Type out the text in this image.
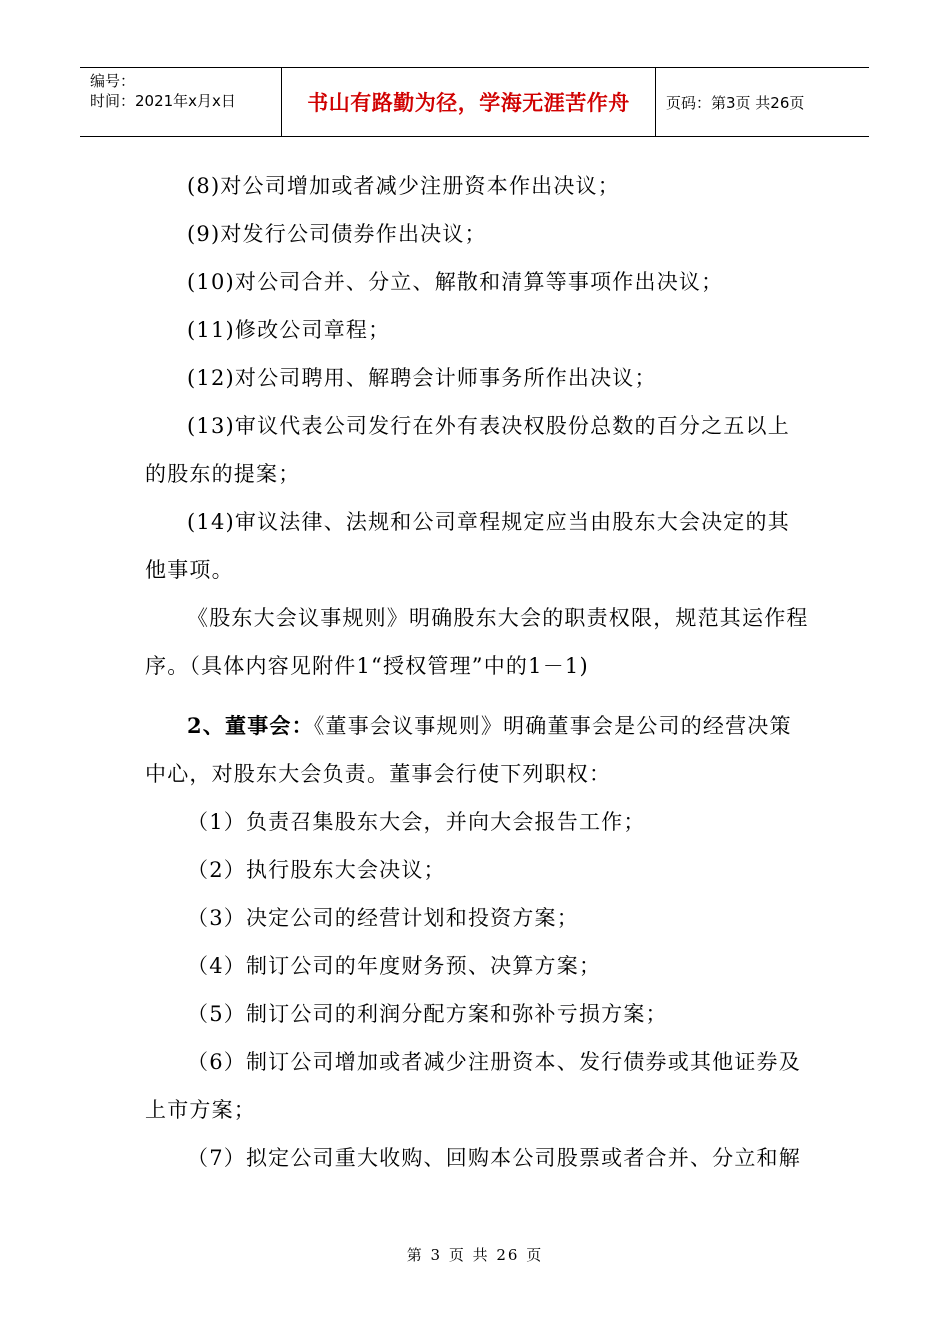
编号：
时间：2021年x月x日	书山有路勤为径，学海无涯苦作舟	页码：第3页 共26页

(8)对公司增加或者减少注册资本作出决议；

(9)对发行公司债券作出决议；

(10)对公司合并、分立、解散和清算等事项作出决议；

(11)修改公司章程；

(12)对公司聘用、解聘会计师事务所作出决议；

(13)审议代表公司发行在外有表决权股份总数的百分之五以上的股东的提案；

(14)审议法律、法规和公司章程规定应当由股东大会决定的其他事项。

《股东大会议事规则》明确股东大会的职责权限，规范其运作程序。（具体内容见附件1“授权管理”中的1－1)

2、董事会：《董事会议事规则》明确董事会是公司的经营决策中心，对股东大会负责。董事会行使下列职权：

（1）负责召集股东大会，并向大会报告工作；

（2）执行股东大会决议；

（3）决定公司的经营计划和投资方案；

（4）制订公司的年度财务预、决算方案；

（5）制订公司的利润分配方案和弥补亏损方案；

（6）制订公司增加或者减少注册资本、发行债券或其他证券及上市方案；

（7）拟定公司重大收购、回购本公司股票或者合并、分立和解

第 3 页 共 26 页
